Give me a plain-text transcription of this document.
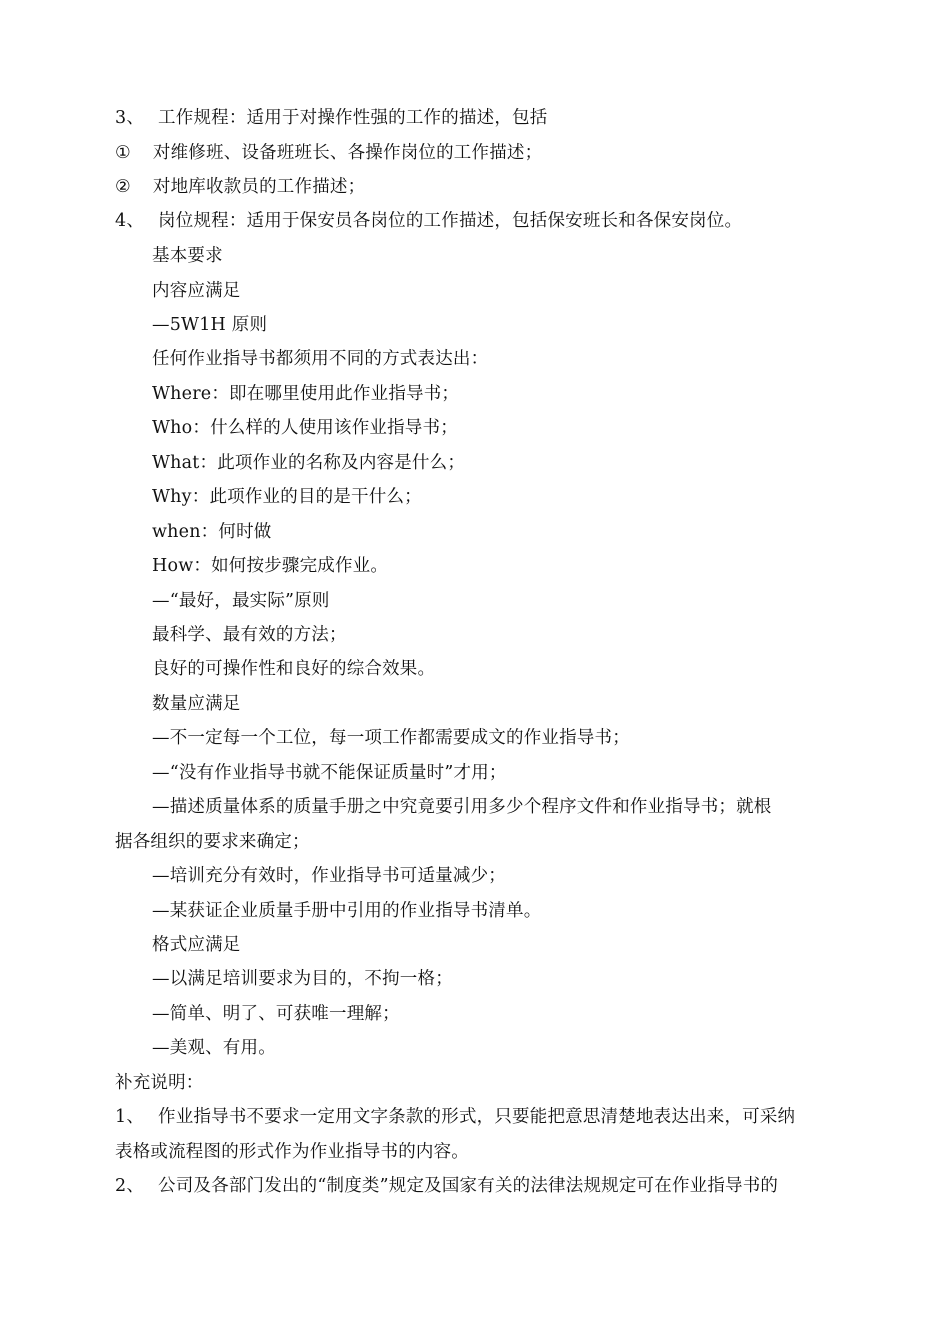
3、 工作规程：适用于对操作性强的工作的描述，包括
① 对维修班、设备班班长、各操作岗位的工作描述；
② 对地库收款员的工作描述；
4、 岗位规程：适用于保安员各岗位的工作描述，包括保安班长和各保安岗位。
基本要求
内容应满足
—5W1H 原则
任何作业指导书都须用不同的方式表达出：
Where：即在哪里使用此作业指导书；
Who：什么样的人使用该作业指导书；
What：此项作业的名称及内容是什么；
Why：此项作业的目的是干什么；
when：何时做
How：如何按步骤完成作业。
—“最好，最实际”原则
最科学、最有效的方法；
良好的可操作性和良好的综合效果。
数量应满足
—不一定每一个工位，每一项工作都需要成文的作业指导书；
—“没有作业指导书就不能保证质量时”才用；
—描述质量体系的质量手册之中究竟要引用多少个程序文件和作业指导书；就根
据各组织的要求来确定；
—培训充分有效时，作业指导书可适量减少；
—某获证企业质量手册中引用的作业指导书清单。
格式应满足
—以满足培训要求为目的，不拘一格；
—简单、明了、可获唯一理解；
—美观、有用。
补充说明：
1、 作业指导书不要求一定用文字条款的形式，只要能把意思清楚地表达出来，可采纳
表格或流程图的形式作为作业指导书的内容。
2、 公司及各部门发出的“制度类”规定及国家有关的法律法规规定可在作业指导书的
